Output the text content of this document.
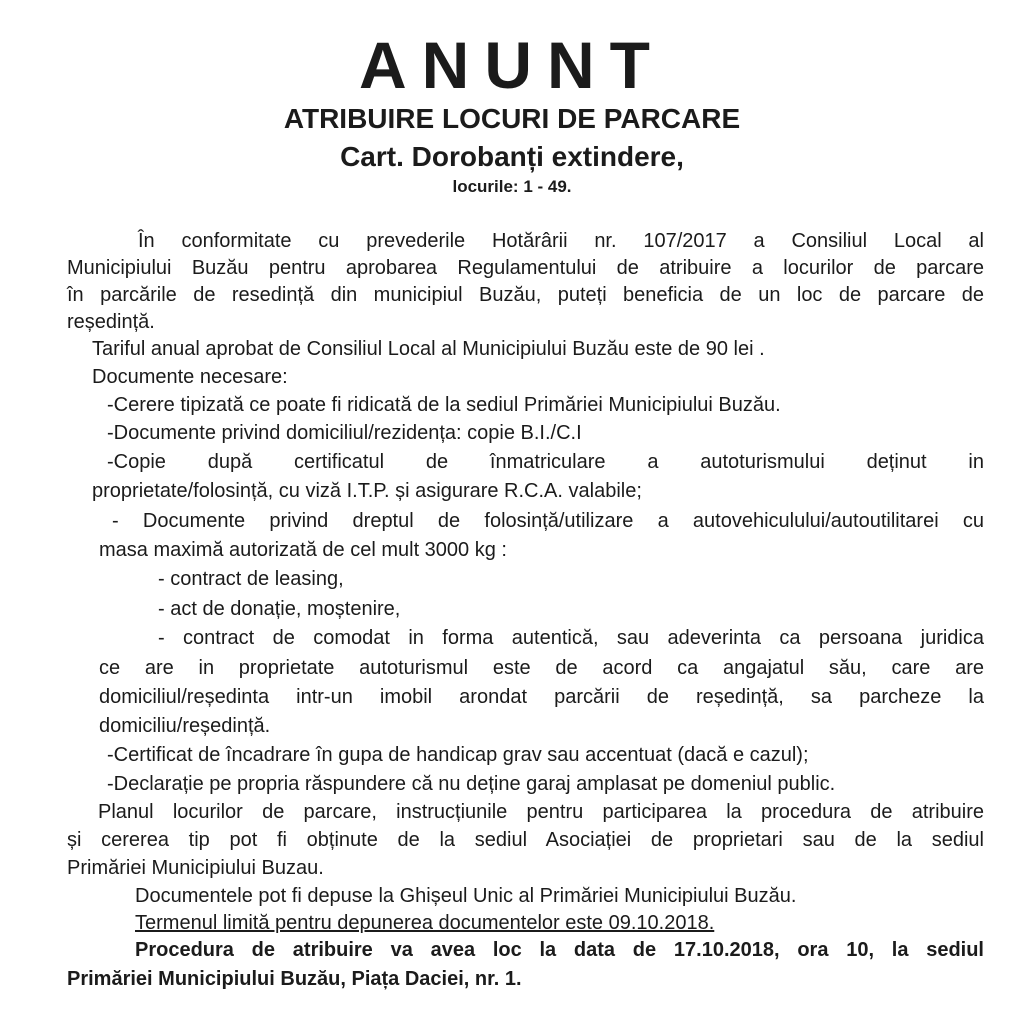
ANUNT
ATRIBUIRE LOCURI DE PARCARE
Cart. Dorobanți extindere,
locurile: 1 - 49.
În conformitate cu prevederile Hotărârii nr. 107/2017 a Consiliul Local al
Municipiului Buzău pentru aprobarea Regulamentului de atribuire a locurilor de parcare
în parcările de resedință din municipiul Buzău, puteți beneficia de un loc de parcare de
reședință.
Tariful anual aprobat de Consiliul Local al Municipiului Buzău este de 90 lei .
Documente necesare:
-Cerere tipizată ce poate fi ridicată de la sediul Primăriei Municipiului Buzău.
-Documente privind domiciliul/rezidența: copie B.I./C.I
-Copie după certificatul de înmatriculare a autoturismului deținut in
proprietate/folosință, cu viză I.T.P. și asigurare R.C.A. valabile;
- Documente privind dreptul de folosință/utilizare a autovehiculului/autoutilitarei cu
masa maximă autorizată de cel mult 3000 kg :
- contract de leasing,
- act de donație, moștenire,
- contract de comodat in forma autentică, sau adeverinta ca persoana juridica
ce are in proprietate autoturismul este de acord ca angajatul său, care are
domiciliul/reședinta intr-un imobil arondat parcării de reședință, sa parcheze la
domiciliu/reședință.
-Certificat de încadrare în gupa de handicap grav sau accentuat (dacă e cazul);
-Declarație pe propria răspundere că nu deține garaj amplasat pe domeniul public.
Planul locurilor de parcare, instrucțiunile pentru participarea la procedura de atribuire
și cererea tip pot fi obținute de la sediul Asociației de proprietari sau de la sediul
Primăriei Municipiului Buzau.
Documentele pot fi depuse la Ghișeul Unic al Primăriei Municipiului Buzău.
Termenul limită pentru depunerea documentelor este 09.10.2018.
Procedura de atribuire va avea loc la data de 17.10.2018, ora 10, la sediul
Primăriei Municipiului Buzău, Piața Daciei, nr. 1.
